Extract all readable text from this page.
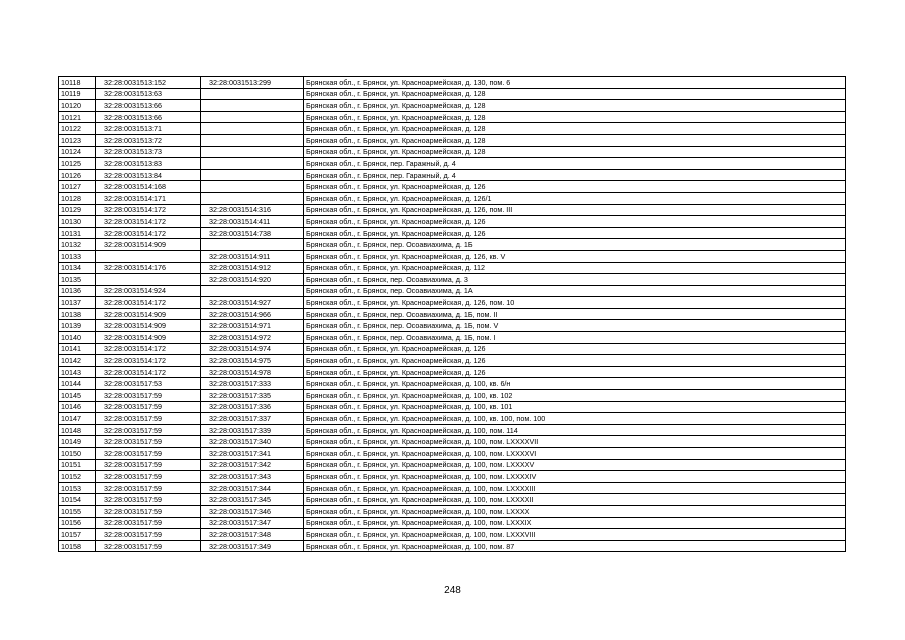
10118	32:28:0031513:152	32:28:0031513:299	Брянская обл., г. Брянск, ул. Красноармейская, д. 130, пом. 6
10119	32:28:0031513:63		Брянская обл., г. Брянск, ул. Красноармейская, д. 128
10120	32:28:0031513:66		Брянская обл., г. Брянск, ул. Красноармейская, д. 128
10121	32:28:0031513:66		Брянская обл., г. Брянск, ул. Красноармейская, д. 128
10122	32:28:0031513:71		Брянская обл., г. Брянск, ул. Красноармейская, д. 128
10123	32:28:0031513:72		Брянская обл., г. Брянск, ул. Красноармейская, д. 128
10124	32:28:0031513:73		Брянская обл., г. Брянск, ул. Красноармейская, д. 128
10125	32:28:0031513:83		Брянская обл., г. Брянск, пер. Гаражный, д. 4
10126	32:28:0031513:84		Брянская обл., г. Брянск, пер. Гаражный, д. 4
10127	32:28:0031514:168		Брянская обл., г. Брянск, ул. Красноармейская, д. 126
10128	32:28:0031514:171		Брянская обл., г. Брянск, ул. Красноармейская, д. 126/1
10129	32:28:0031514:172	32:28:0031514:316	Брянская обл., г. Брянск, ул. Красноармейская, д. 126, пом. III
10130	32:28:0031514:172	32:28:0031514:411	Брянская обл., г. Брянск, ул. Красноармейская, д. 126
10131	32:28:0031514:172	32:28:0031514:738	Брянская обл., г. Брянск, ул. Красноармейская, д. 126
10132	32:28:0031514:909		Брянская обл., г. Брянск, пер. Осоавиахима, д. 1Б
10133		32:28:0031514:911	Брянская обл., г. Брянск, ул. Красноармейская, д. 126, кв. V
10134	32:28:0031514:176	32:28:0031514:912	Брянская обл., г. Брянск, ул. Красноармейская, д. 112
10135		32:28:0031514:920	Брянская обл., г. Брянск, пер. Осоавиахима, д. 3
10136	32:28:0031514:924		Брянская обл., г. Брянск, пер. Осоавиахима, д. 1А
10137	32:28:0031514:172	32:28:0031514:927	Брянская обл., г. Брянск, ул. Красноармейская, д. 126, пом. 10
10138	32:28:0031514:909	32:28:0031514:966	Брянская обл., г. Брянск, пер. Осоавиахима, д. 1Б, пом. II
10139	32:28:0031514:909	32:28:0031514:971	Брянская обл., г. Брянск, пер. Осоавиахима, д. 1Б, пом. V
10140	32:28:0031514:909	32:28:0031514:972	Брянская обл., г. Брянск, пер. Осоавиахима, д. 1Б, пом. I
10141	32:28:0031514:172	32:28:0031514:974	Брянская обл., г. Брянск, ул. Красноармейская, д. 126
10142	32:28:0031514:172	32:28:0031514:975	Брянская обл., г. Брянск, ул. Красноармейская, д. 126
10143	32:28:0031514:172	32:28:0031514:978	Брянская обл., г. Брянск, ул. Красноармейская, д. 126
10144	32:28:0031517:53	32:28:0031517:333	Брянская обл., г. Брянск, ул. Красноармейская, д. 100, кв. 6/н
10145	32:28:0031517:59	32:28:0031517:335	Брянская обл., г. Брянск, ул. Красноармейская, д. 100, кв. 102
10146	32:28:0031517:59	32:28:0031517:336	Брянская обл., г. Брянск, ул. Красноармейская, д. 100, кв. 101
10147	32:28:0031517:59	32:28:0031517:337	Брянская обл., г. Брянск, ул. Красноармейская, д. 100, кв. 100, пом. 100
10148	32:28:0031517:59	32:28:0031517:339	Брянская обл., г. Брянск, ул. Красноармейская, д. 100, пом. 114
10149	32:28:0031517:59	32:28:0031517:340	Брянская обл., г. Брянск, ул. Красноармейская, д. 100, пом. LXXXXVII
10150	32:28:0031517:59	32:28:0031517:341	Брянская обл., г. Брянск, ул. Красноармейская, д. 100, пом. LXXXXVI
10151	32:28:0031517:59	32:28:0031517:342	Брянская обл., г. Брянск, ул. Красноармейская, д. 100, пом. LXXXXV
10152	32:28:0031517:59	32:28:0031517:343	Брянская обл., г. Брянск, ул. Красноармейская, д. 100, пом. LXXXXIV
10153	32:28:0031517:59	32:28:0031517:344	Брянская обл., г. Брянск, ул. Красноармейская, д. 100, пом. LXXXXIII
10154	32:28:0031517:59	32:28:0031517:345	Брянская обл., г. Брянск, ул. Красноармейская, д. 100, пом. LXXXXII
10155	32:28:0031517:59	32:28:0031517:346	Брянская обл., г. Брянск, ул. Красноармейская, д. 100, пом. LXXXX
10156	32:28:0031517:59	32:28:0031517:347	Брянская обл., г. Брянск, ул. Красноармейская, д. 100, пом. LXXXIX
10157	32:28:0031517:59	32:28:0031517:348	Брянская обл., г. Брянск, ул. Красноармейская, д. 100, пом. LXXXVIII
10158	32:28:0031517:59	32:28:0031517:349	Брянская обл., г. Брянск, ул. Красноармейская, д. 100, пом. 87
248
